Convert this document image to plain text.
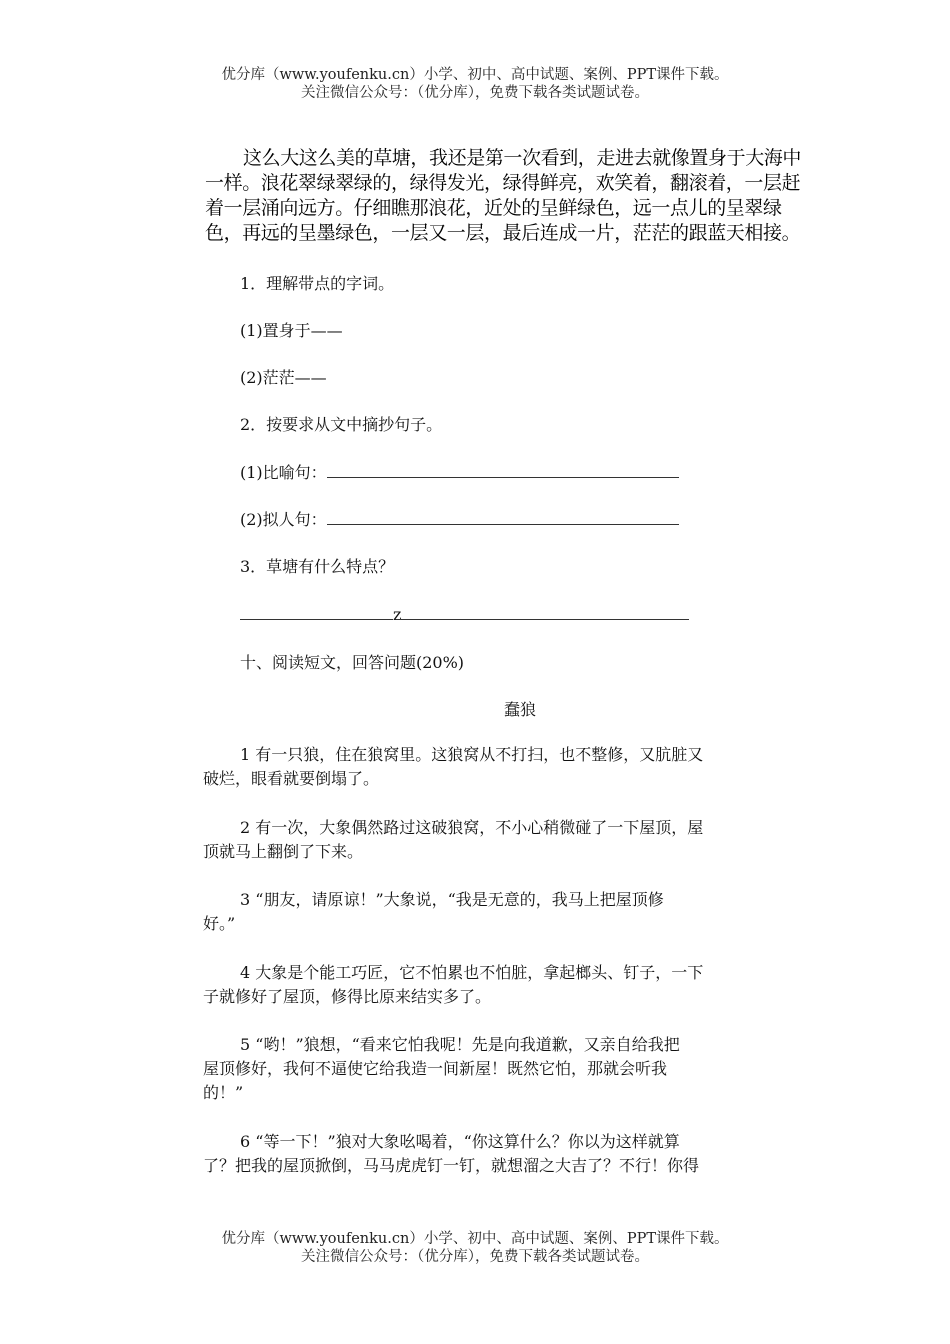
优分库（www.youfenku.cn）小学、初中、高中试题、案例、PPT课件下载。
关注微信公众号：（优分库），免费下载各类试题试卷。
这么大这么美的草塘，我还是第一次看到，走进去就像置身于大海中
一样。浪花翠绿翠绿的，绿得发光，绿得鲜亮，欢笑着，翻滚着，一层赶
着一层涌向远方。仔细瞧那浪花，近处的呈鲜绿色，远一点儿的呈翠绿
色，再远的呈墨绿色，一层又一层，最后连成一片，茫茫的跟蓝天相接。
1．理解带点的字词。
(1)置身于——
(2)茫茫——
2．按要求从文中摘抄句子。
(1)比喻句：
(2)拟人句：
3．草塘有什么特点？
z
十、阅读短文，回答问题(20%)
蠢狼
1 有一只狼，住在狼窝里。这狼窝从不打扫，也不整修，又肮脏又
破烂，眼看就要倒塌了。
2 有一次，大象偶然路过这破狼窝，不小心稍微碰了一下屋顶，屋
顶就马上翻倒了下来。
3 “朋友，请原谅！”大象说，“我是无意的，我马上把屋顶修
好。”
4 大象是个能工巧匠，它不怕累也不怕脏，拿起榔头、钉子，一下
子就修好了屋顶，修得比原来结实多了。
5 “哟！”狼想，“看来它怕我呢！先是向我道歉，又亲自给我把
屋顶修好，我何不逼使它给我造一间新屋！既然它怕，那就会听我
的！”
6 “等一下！”狼对大象吆喝着，“你这算什么？你以为这样就算
了？把我的屋顶掀倒，马马虎虎钉一钉，就想溜之大吉了？不行！你得
优分库（www.youfenku.cn）小学、初中、高中试题、案例、PPT课件下载。
关注微信公众号：（优分库），免费下载各类试题试卷。
